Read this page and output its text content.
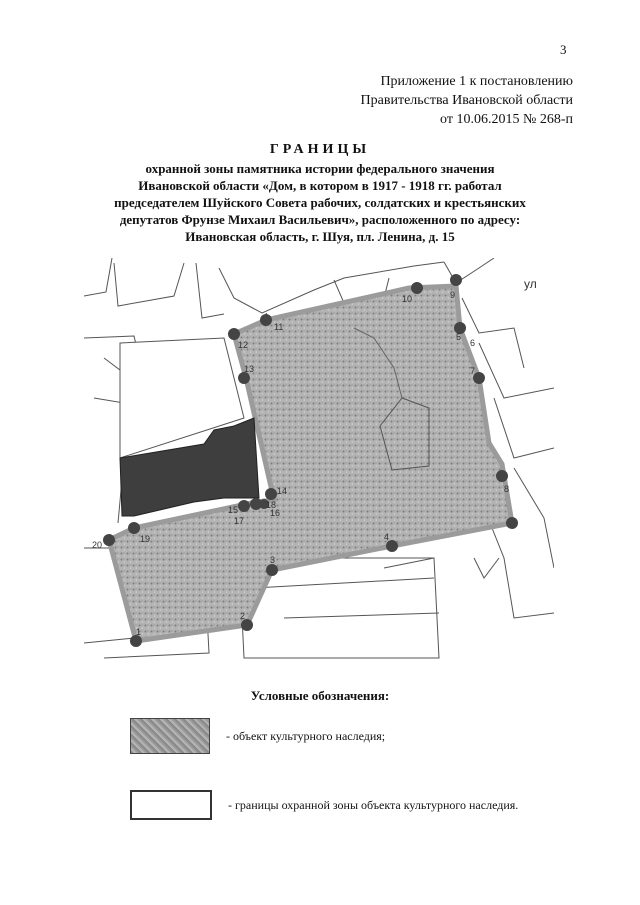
3
Приложение 1 к постановлению
Правительства Ивановской области
от 10.06.2015 № 268-п
ГРАНИЦЫ
охранной зоны памятника истории федерального значения
Ивановской области «Дом, в котором в 1917 - 1918 гг. работал
председателем Шуйского Совета рабочих, солдатских и крестьянских
депутатов Фрунзе Михаил Васильевич», расположенного по адресу:
Ивановская область, г. Шуя, пл. Ленина, д. 15
ул
1
2
3
4
5
6
7
8
9
10
11
12
13
14
15	16
17
18
19
20
Условные обозначения:
- объект культурного наследия;
- границы охранной зоны объекта культурного наследия.
